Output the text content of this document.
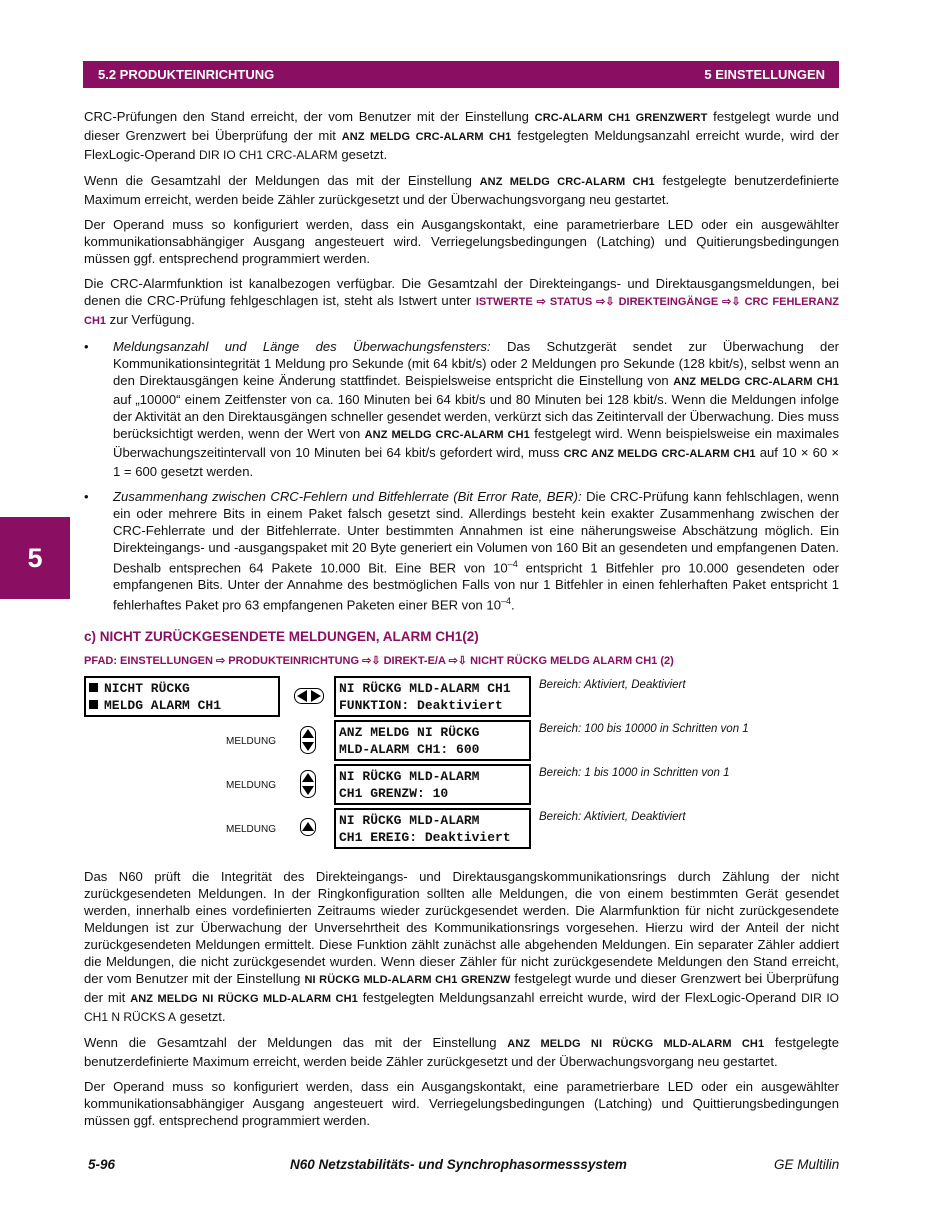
5.2 PRODUKTEINRICHTUNG	5 EINSTELLUNGEN
5

CRC-Prüfungen den Stand erreicht, der vom Benutzer mit der Einstellung CRC-ALARM CH1 GRENZWERT festgelegt wurde und dieser Grenzwert bei Überprüfung der mit ANZ MELDG CRC-ALARM CH1 festgelegten Meldungsanzahl erreicht wurde, wird der FlexLogic-Operand DIR IO CH1 CRC-ALARM gesetzt.

Wenn die Gesamtzahl der Meldungen das mit der Einstellung ANZ MELDG CRC-ALARM CH1 festgelegte benutzerdefinierte Maximum erreicht, werden beide Zähler zurückgesetzt und der Überwachungsvorgang neu gestartet.

Der Operand muss so konfiguriert werden, dass ein Ausgangskontakt, eine parametrierbare LED oder ein ausgewählter kommunikationsabhängiger Ausgang angesteuert wird. Verriegelungsbedingungen (Latching) und Quitierungsbedingungen müssen ggf. entsprechend programmiert werden.

Die CRC-Alarmfunktion ist kanalbezogen verfügbar. Die Gesamtzahl der Direkteingangs- und Direktausgangsmeldungen, bei denen die CRC-Prüfung fehlgeschlagen ist, steht als Istwert unter ISTWERTE ⇨ STATUS ⇨⇩ DIREKTEINGÄNGE ⇨⇩ CRC FEHLERANZ CH1 zur Verfügung.

•	Meldungsanzahl und Länge des Überwachungsfensters: Das Schutzgerät sendet zur Überwachung der Kommunikationsintegrität 1 Meldung pro Sekunde (mit 64 kbit/s) oder 2 Meldungen pro Sekunde (128 kbit/s), selbst wenn an den Direktausgängen keine Änderung stattfindet. Beispielsweise entspricht die Einstellung von ANZ MELDG CRC-ALARM CH1 auf „10000“ einem Zeitfenster von ca. 160 Minuten bei 64 kbit/s und 80 Minuten bei 128 kbit/s. Wenn die Meldungen infolge der Aktivität an den Direktausgängen schneller gesendet werden, verkürzt sich das Zeitintervall der Überwachung. Dies muss berücksichtigt werden, wenn der Wert von ANZ MELDG CRC-ALARM CH1 festgelegt wird. Wenn beispielsweise ein maximales Überwachungszeitintervall von 10 Minuten bei 64 kbit/s gefordert wird, muss CRC ANZ MELDG CRC-ALARM CH1 auf 10 × 60 × 1 = 600 gesetzt werden.
•	Zusammenhang zwischen CRC-Fehlern und Bitfehlerrate (Bit Error Rate, BER): Die CRC-Prüfung kann fehlschlagen, wenn ein oder mehrere Bits in einem Paket falsch gesetzt sind. Allerdings besteht kein exakter Zusammenhang zwischen der CRC-Fehlerrate und der Bitfehlerrate. Unter bestimmten Annahmen ist eine näherungsweise Abschätzung möglich. Ein Direkteingangs- und -ausgangspaket mit 20 Byte generiert ein Volumen von 160 Bit an gesendeten und empfangenen Daten. Deshalb entsprechen 64 Pakete 10.000 Bit. Eine BER von $10^{-4}$ entspricht 1 Bitfehler pro 10.000 gesendeten oder empfangenen Bits. Unter der Annahme des bestmöglichen Falls von nur 1 Bitfehler in einen fehlerhaften Paket entspricht 1 fehlerhaftes Paket pro 63 empfangenen Paketen einer BER von $10^{-4}$.
c) NICHT ZURÜCKGESENDETE MELDUNGEN, ALARM CH1(2)
PFAD: EINSTELLUNGEN ⇨ PRODUKTEINRICHTUNG ⇨⇩ DIREKT-E/A ⇨⇩ NICHT RÜCKG MELDG ALARM CH1 (2)
NICHT RÜCKG
MELDG ALARM CH1
NI RÜCKG MLD-ALARM CH1
FUNKTION: Deaktiviert
Bereich: Aktiviert, Deaktiviert
MELDUNG
ANZ MELDG NI RÜCKG
MLD-ALARM CH1: 600
Bereich: 100 bis 10000 in Schritten von 1
MELDUNG
NI RÜCKG MLD-ALARM
CH1 GRENZW: 10
Bereich: 1 bis 1000 in Schritten von 1
MELDUNG
NI RÜCKG MLD-ALARM
CH1 EREIG: Deaktiviert
Bereich: Aktiviert, Deaktiviert

Das N60 prüft die Integrität des Direkteingangs- und Direktausgangskommunikationsrings durch Zählung der nicht zurückgesendeten Meldungen. In der Ringkonfiguration sollten alle Meldungen, die von einem bestimmten Gerät gesendet werden, innerhalb eines vordefinierten Zeitraums wieder zurückgesendet werden. Die Alarmfunktion für nicht zurückgesendete Meldungen ist zur Überwachung der Unversehrtheit des Kommunikationsrings vorgesehen. Hierzu wird der Anteil der nicht zurückgesendeten Meldungen ermittelt. Diese Funktion zählt zunächst alle abgehenden Meldungen. Ein separater Zähler addiert die Meldungen, die nicht zurückgesendet wurden. Wenn dieser Zähler für nicht zurückgesendete Meldungen den Stand erreicht, der vom Benutzer mit der Einstellung NI RÜCKG MLD-ALARM CH1 GRENZW festgelegt wurde und dieser Grenzwert bei Überprüfung der mit ANZ MELDG NI RÜCKG MLD-ALARM CH1 festgelegten Meldungsanzahl erreicht wurde, wird der FlexLogic-Operand DIR IO CH1 N RÜCKS A gesetzt.

Wenn die Gesamtzahl der Meldungen das mit der Einstellung ANZ MELDG NI RÜCKG MLD-ALARM CH1 festgelegte benutzerdefinierte Maximum erreicht, werden beide Zähler zurückgesetzt und der Überwachungsvorgang neu gestartet.

Der Operand muss so konfiguriert werden, dass ein Ausgangskontakt, eine parametrierbare LED oder ein ausgewählter kommunikationsabhängiger Ausgang angesteuert wird. Verriegelungsbedingungen (Latching) und Quittierungsbedingungen müssen ggf. entsprechend programmiert werden.

5-96	N60 Netzstabilitäts- und Synchrophasormesssystem	GE Multilin
